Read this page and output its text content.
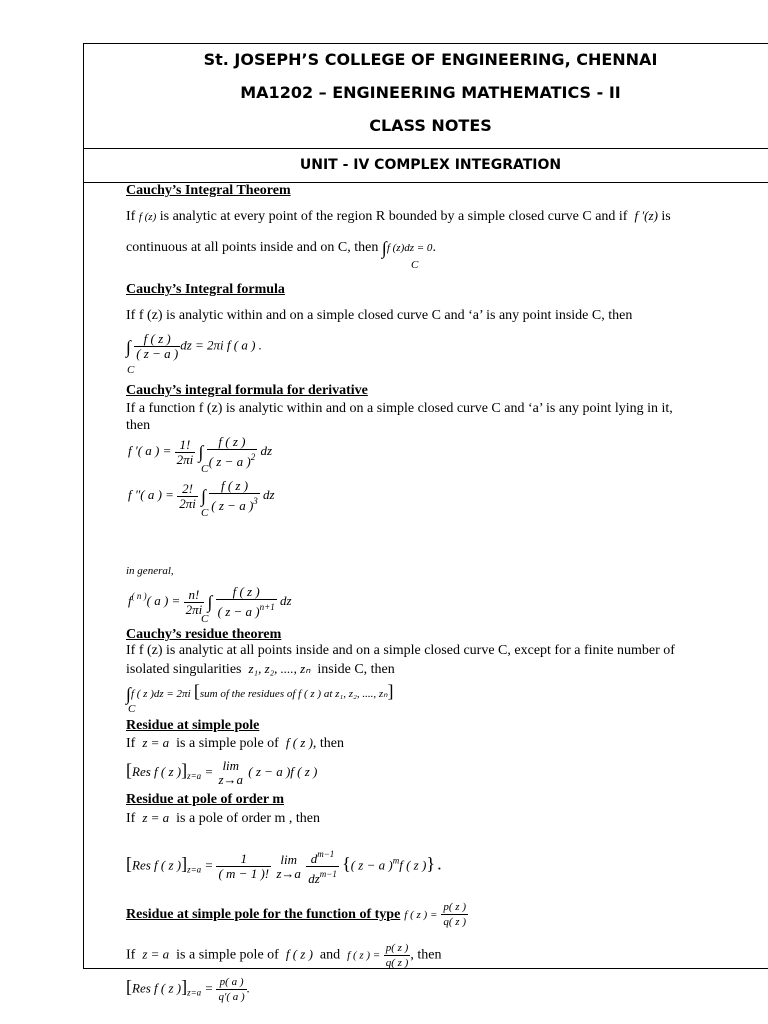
St. JOSEPH’S COLLEGE OF ENGINEERING, CHENNAI
MA1202 – ENGINEERING MATHEMATICS - II
CLASS NOTES
UNIT - IV COMPLEX INTEGRATION
Cauchy’s Integral Theorem
If f (z) is analytic at every point of the region R bounded by a simple closed curve C and if f ′(z) is
continuous at all points inside and on C, then ∫f (z)dz = 0.
C
Cauchy’s Integral formula
If f (z) is analytic within and on a simple closed curve C and ‘a’ is any point inside C, then
∫ $\frac{f ( z )}{( z - a )}$ dz = 2πi f ( a ) .
C
Cauchy’s integral formula for derivative
If a function f (z) is analytic within and on a simple closed curve C and ‘a’ is any point lying in it,
then
f ′( a ) = $\frac{1!}{2\pi i}$ ∫ $\frac{f ( z )}{( z - a )^2}$ dz
C
f ″( a ) = $\frac{2!}{2\pi i}$ ∫ $\frac{f ( z )}{( z - a )^3}$ dz
C
in general,
$f^{( n )}$( a ) = $\frac{n!}{2\pi i}$ ∫ $\frac{f ( z )}{( z - a )^{n+1}}$ dz
C
Cauchy’s residue theorem
If f (z) is analytic at all points inside and on a simple closed curve C, except for a finite number of
isolated singularities z₁, z₂, ...., zₙ inside C, then
∫f ( z )dz = 2πi [sum of the residues of f ( z ) at z₁, z₂, ...., zₙ]
C
Residue at simple pole
If z = a is a simple pole of f ( z ), then
[Res f ( z )]$_{z=a} = \lim$
z→a
( z − a )f ( z )
Residue at pole of order m
If z = a is a pole of order m , then
[Res f ( z )]$_{z=a} = \frac{1}{( m - 1 )!}$
lim
z→a
$\frac{d^{m-1}}{dz^{m-1}}$ {( z − a )$^m$f ( z )} .
Residue at simple pole for the function of type f ( z ) = $\frac{p( z )}{q( z )}$
If z = a is a simple pole of f ( z ) and f ( z ) = $\frac{p( z )}{q( z )}$ , then
[Res f ( z )]$_{z=a} = \frac{p( a )}{q'( a )}$ .
